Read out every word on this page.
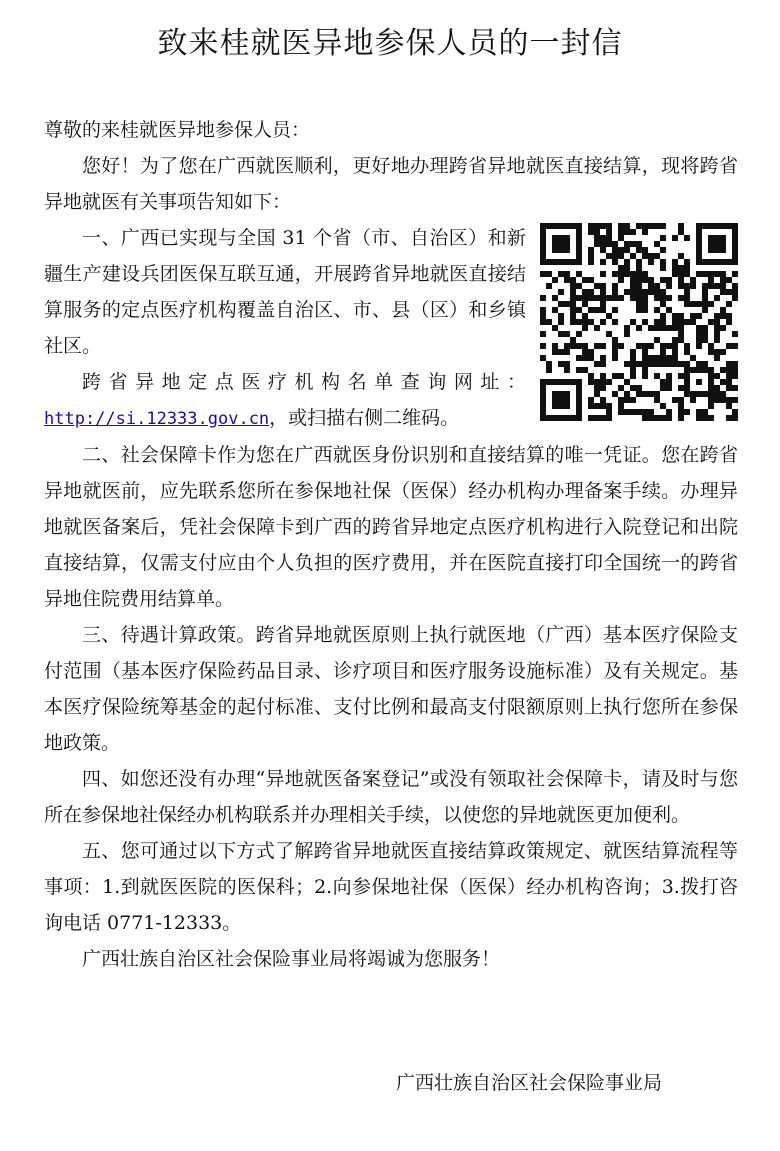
致来桂就医异地参保人员的一封信

尊敬的来桂就医异地参保人员：

您好！为了您在广西就医顺利，更好地办理跨省异地就医直接结算，现将跨省异地就医有关事项告知如下：

一、广西已实现与全国 31 个省（市、自治区）和新疆生产建设兵团医保互联互通，开展跨省异地就医直接结算服务的定点医疗机构覆盖自治区、市、县（区）和乡镇社区。

跨省异地定点医疗机构名单查询网址：

http://si.12333.gov.cn，或扫描右侧二维码。

二、社会保障卡作为您在广西就医身份识别和直接结算的唯一凭证。您在跨省异地就医前，应先联系您所在参保地社保（医保）经办机构办理备案手续。办理异地就医备案后，凭社会保障卡到广西的跨省异地定点医疗机构进行入院登记和出院直接结算，仅需支付应由个人负担的医疗费用，并在医院直接打印全国统一的跨省异地住院费用结算单。

三、待遇计算政策。跨省异地就医原则上执行就医地（广西）基本医疗保险支付范围（基本医疗保险药品目录、诊疗项目和医疗服务设施标准）及有关规定。基本医疗保险统筹基金的起付标准、支付比例和最高支付限额原则上执行您所在参保地政策。

四、如您还没有办理“异地就医备案登记”或没有领取社会保障卡，请及时与您所在参保地社保经办机构联系并办理相关手续，以使您的异地就医更加便利。

五、您可通过以下方式了解跨省异地就医直接结算政策规定、就医结算流程等事项：1.到就医医院的医保科；2.向参保地社保（医保）经办机构咨询；3.拨打咨询电话 0771-12333。

广西壮族自治区社会保险事业局将竭诚为您服务！

广西壮族自治区社会保险事业局
